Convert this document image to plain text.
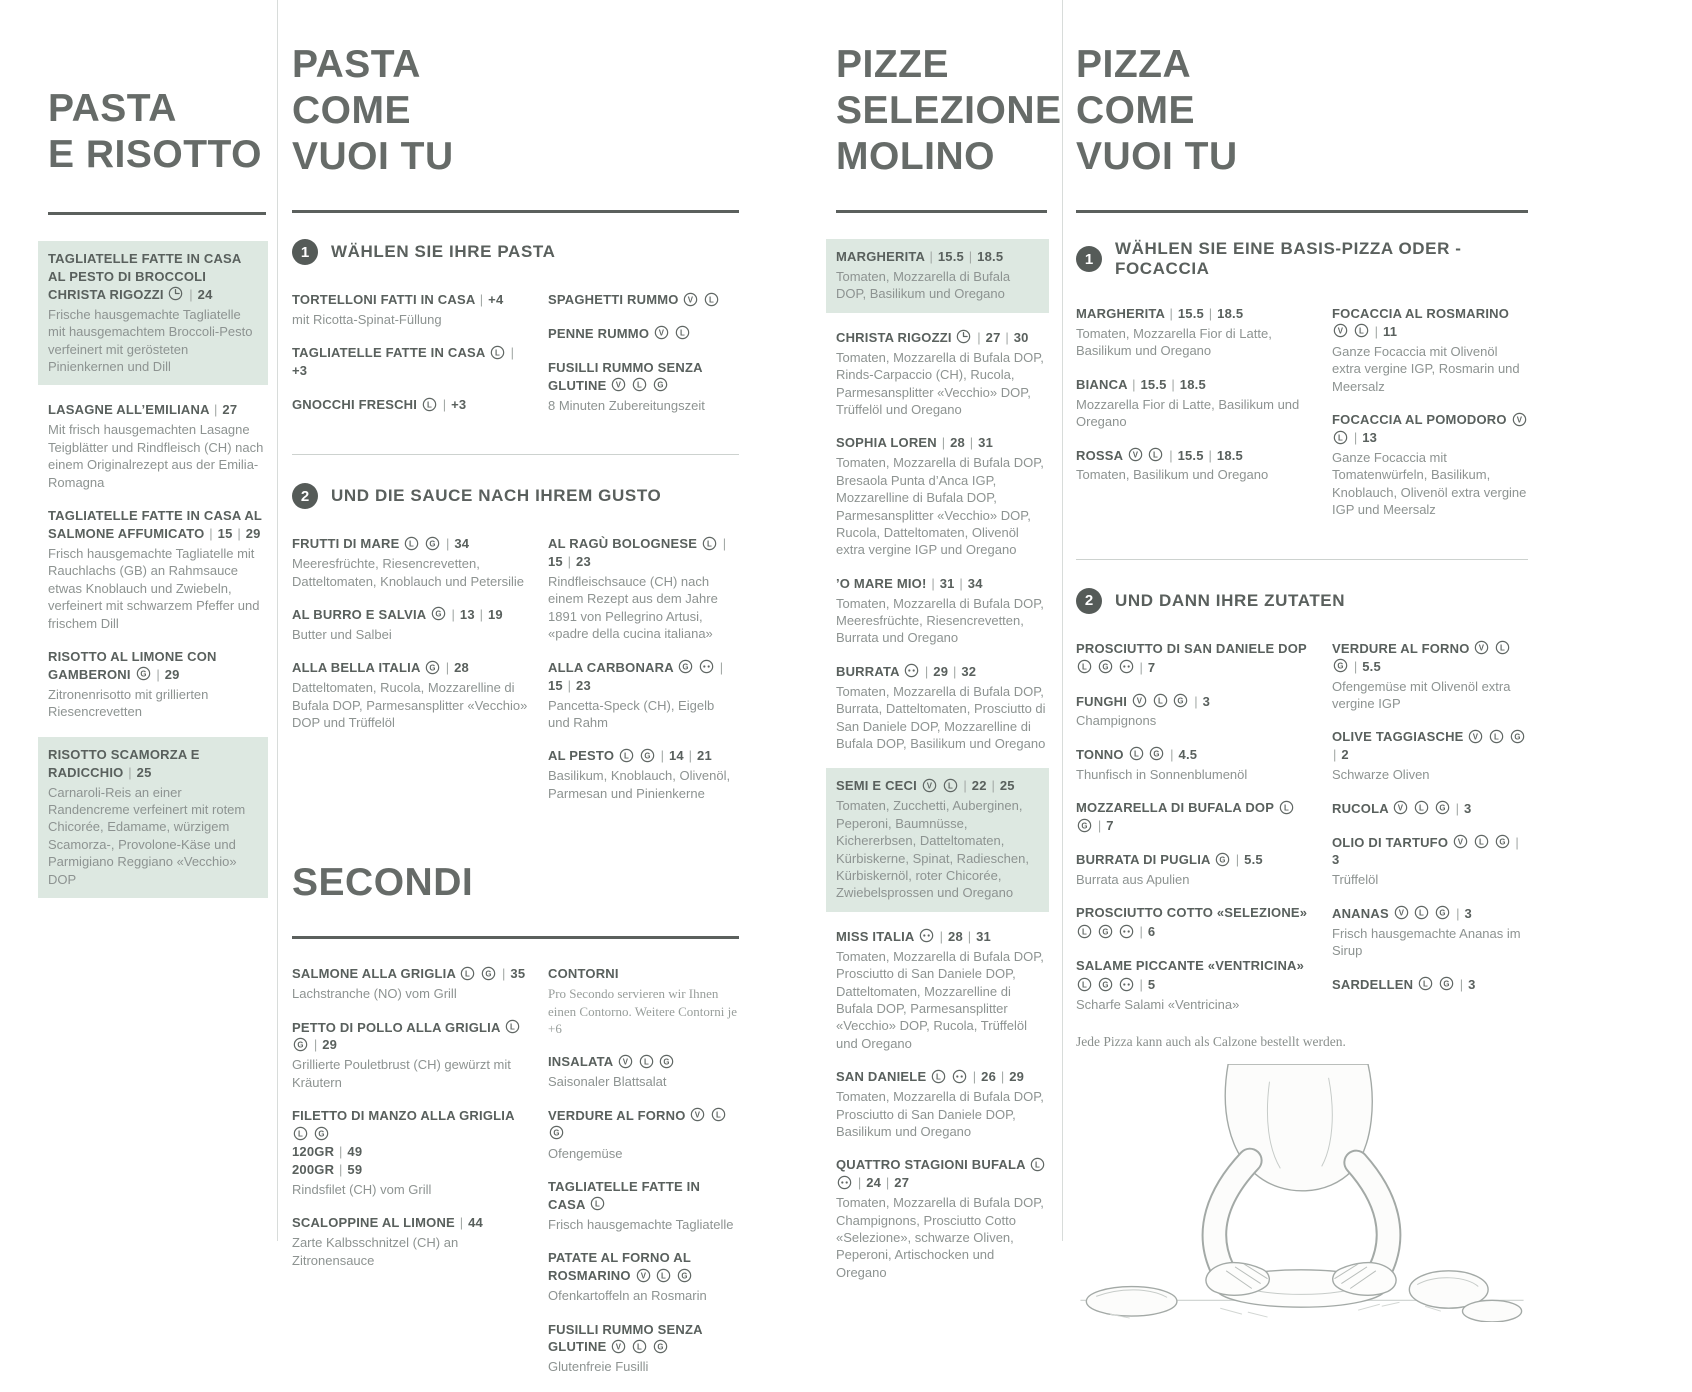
PASTA
E RISOTTO
TAGLIATELLE FATTE IN CASA AL PESTO DI BROCCOLI CHRISTA RIGOZZI | 24
Frische hausgemachte Tagliatelle mit hausgemachtem Broccoli-Pesto verfeinert mit gerösteten Pinienkernen und Dill
LASAGNE ALL’EMILIANA | 27
Mit frisch hausgemachten Lasagne Teigblätter und Rindfleisch (CH) nach einem Originalrezept aus der Emilia-Romagna
TAGLIATELLE FATTE IN CASA AL SALMONE AFFUMICATO | 15 | 29
Frisch hausgemachte Tagliatelle mit Rauchlachs (GB) an Rahmsauce etwas Knoblauch und Zwiebeln, verfeinert mit schwarzem Pfeffer und frischem Dill
RISOTTO AL LIMONE CON GAMBERONI G | 29
Zitronenrisotto mit grillierten Riesencrevetten
RISOTTO SCAMORZA E RADICCHIO | 25
Carnaroli-Reis an einer Randencreme verfeinert mit rotem Chicorée, Edamame, würzigem Scamorza-, Provolone-Käse und Parmigiano Reggiano «Vecchio» DOP
PASTA
COME
VUOI TU
1	WÄHLEN SIE IHRE PASTA
TORTELLONI FATTI IN CASA | +4
mit Ricotta-Spinat-Füllung
TAGLIATELLE FATTE IN CASA L | +3
GNOCCHI FRESCHI L | +3
SPAGHETTI RUMMO V
L
PENNE RUMMO V
L
FUSILLI RUMMO SENZA GLUTINE V
L
G
8 Minuten Zubereitungszeit
2	UND DIE SAUCE NACH IHREM GUSTO
FRUTTI DI MARE L
G | 34
Meeresfrüchte, Riesencrevetten, Datteltomaten, Knoblauch und Petersilie
AL BURRO E SALVIA G | 13 | 19
Butter und Salbei
ALLA BELLA ITALIA G | 28
Datteltomaten, Rucola, Mozzarelline di Bufala DOP, Parmesansplitter «Vecchio» DOP und Trüffelöl
AL RAGÙ BOLOGNESE L | 15 | 23
Rindfleischsauce (CH) nach einem Rezept aus dem Jahre 1891 von Pellegrino Artusi, «padre della cucina italiana»
ALLA CARBONARA G | 15 | 23
Pancetta-Speck (CH), Eigelb und Rahm
AL PESTO L
G | 14 | 21
Basilikum, Knoblauch, Olivenöl, Parmesan und Pinienkerne
SECONDI
SALMONE ALLA GRIGLIA L
G | 35
Lachstranche (NO) vom Grill
PETTO DI POLLO ALLA GRIGLIA L

G | 29
Grillierte Pouletbrust (CH) gewürzt mit Kräutern
FILETTO DI MANZO ALLA GRIGLIA
L
G
120GR | 49
200GR | 59
Rindsfilet (CH) vom Grill
SCALOPPINE AL LIMONE | 44
Zarte Kalbsschnitzel (CH) an Zitronensauce
CONTORNI
Pro Secondo servieren wir Ihnen einen Contorno. Weitere Contorni je +6
INSALATA V
L
G
Saisonaler Blattsalat
VERDURE AL FORNO V
L

G
Ofengemüse
TAGLIATELLE FATTE IN CASA L
Frisch hausgemachte Tagliatelle
PATATE AL FORNO AL ROSMARINO V
L
G
Ofenkartoffeln an Rosmarin
FUSILLI RUMMO SENZA GLUTINE V
L
G
Glutenfreie Fusilli
PIZZE
SELEZIONE
MOLINO
MARGHERITA | 15.5 | 18.5
Tomaten, Mozzarella di Bufala DOP, Basilikum und Oregano
CHRISTA RIGOZZI | 27 | 30
Tomaten, Mozzarella di Bufala DOP, Rinds-Carpaccio (CH), Rucola, Parmesansplitter «Vecchio» DOP, Trüffelöl und Oregano
SOPHIA LOREN | 28 | 31
Tomaten, Mozzarella di Bufala DOP, Bresaola Punta d’Anca IGP, Mozzarelline di Bufala DOP, Parmesansplitter «Vecchio» DOP, Rucola, Datteltomaten, Olivenöl extra vergine IGP und Oregano
’O MARE MIO! | 31 | 34
Tomaten, Mozzarella di Bufala DOP, Meeresfrüchte, Riesencrevetten, Burrata und Oregano
BURRATA | 29 | 32
Tomaten, Mozzarella di Bufala DOP, Burrata, Datteltomaten, Prosciutto di San Daniele DOP, Mozzarelline di Bufala DOP, Basilikum und Oregano
SEMI E CECI V
L | 22 | 25
Tomaten, Zucchetti, Auberginen, Peperoni, Baumnüsse, Kichererbsen, Datteltomaten, Kürbiskerne, Spinat, Radieschen, Kürbiskernöl, roter Chicorée, Zwiebelsprossen und Oregano
MISS ITALIA | 28 | 31
Tomaten, Mozzarella di Bufala DOP, Prosciutto di San Daniele DOP, Datteltomaten, Mozzarelline di Bufala DOP, Parmesansplitter «Vecchio» DOP, Rucola, Trüffelöl und Oregano
SAN DANIELE L | 26 | 29
Tomaten, Mozzarella di Bufala DOP, Prosciutto di San Daniele DOP, Basilikum und Oregano
QUATTRO STAGIONI BUFALA L
| 24 | 27
Tomaten, Mozzarella di Bufala DOP, Champignons, Prosciutto Cotto «Selezione», schwarze Oliven, Peperoni, Artischocken und Oregano
PIZZA
COME
VUOI TU
1
WÄHLEN SIE EINE BASIS-PIZZA ODER -FOCACCIA
MARGHERITA | 15.5 | 18.5
Tomaten, Mozzarella Fior di Latte, Basilikum und Oregano
BIANCA | 15.5 | 18.5
Mozzarella Fior di Latte, Basilikum und Oregano
ROSSA V
L | 15.5 | 18.5
Tomaten, Basilikum und Oregano
FOCACCIA AL ROSMARINO
V
L | 11
Ganze Focaccia mit Olivenöl extra vergine IGP, Rosmarin und Meersalz
FOCACCIA AL POMODORO V

L | 13
Ganze Focaccia mit Tomatenwürfeln, Basilikum, Knoblauch, Olivenöl extra vergine IGP und Meersalz
2	UND DANN IHRE ZUTATEN
PROSCIUTTO DI SAN DANIELE DOP
L
G | 7
FUNGHI V
L
G | 3
Champignons
TONNO L
G | 4.5
Thunfisch in Sonnenblumenöl
MOZZARELLA DI BUFALA DOP L

G | 7
BURRATA DI PUGLIA G | 5.5
Burrata aus Apulien
PROSCIUTTO COTTO «SELEZIONE»
L
G | 6
SALAME PICCANTE «VENTRICINA»
L
G | 5
Scharfe Salami «Ventricina»
VERDURE AL FORNO V
L

G | 5.5
Ofengemüse mit Olivenöl extra vergine IGP
OLIVE TAGGIASCHE V
L
G
| 2
Schwarze Oliven
RUCOLA V
L
G | 3
OLIO DI TARTUFO V
L
G | 3
Trüffelöl
ANANAS V
L
G | 3
Frisch hausgemachte Ananas im Sirup
SARDELLEN L
G | 3
Jede Pizza kann auch als Calzone bestellt werden.
